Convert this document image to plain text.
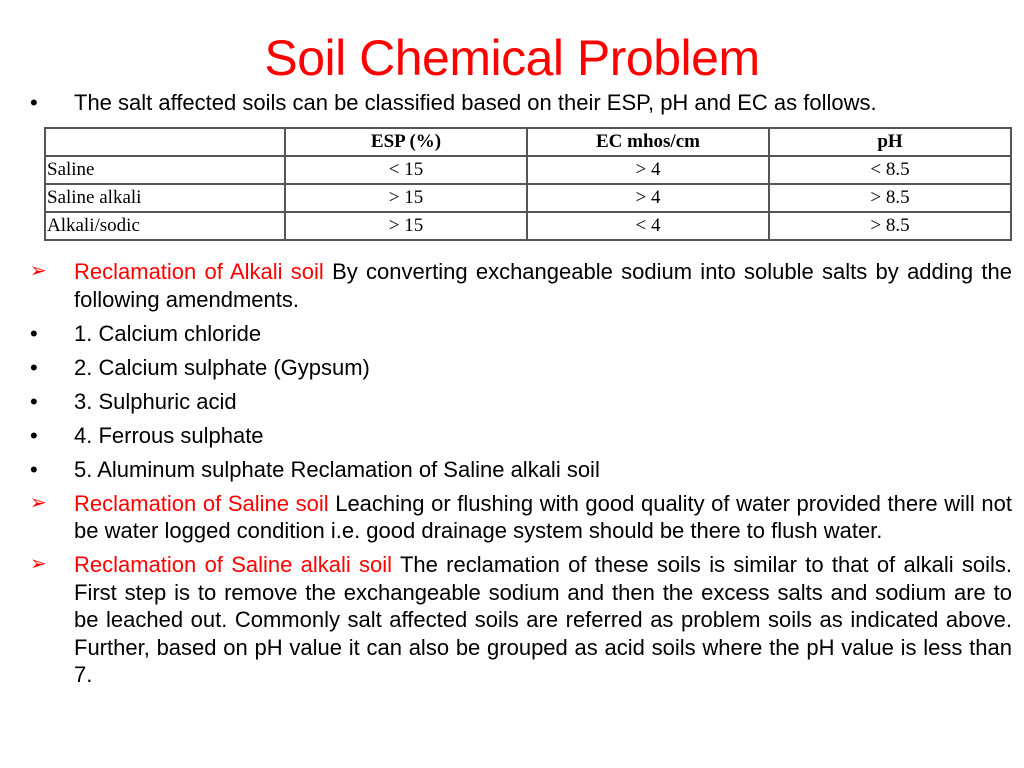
Soil Chemical Problem
• The salt affected soils can be classified based on their ESP, pH and EC as follows.
	ESP (%)	EC mhos/cm	pH
Saline	< 15	> 4	< 8.5
Saline alkali	> 15	> 4	> 8.5
Alkali/sodic	> 15	< 4	> 8.5
➢	Reclamation of Alkali soil By converting exchangeable sodium into soluble salts by adding the following amendments.
•	1. Calcium chloride
•	2. Calcium sulphate (Gypsum)
•	3. Sulphuric acid
•	4. Ferrous sulphate
•	5. Aluminum sulphate Reclamation of Saline alkali soil
➢	Reclamation of Saline soil Leaching or flushing with good quality of water provided there will not be water logged condition i.e. good drainage system should be there to flush water.
➢	Reclamation of Saline alkali soil The reclamation of these soils is similar to that of alkali soils. First step is to remove the exchangeable sodium and then the excess salts and sodium are to be leached out. Commonly salt affected soils are referred as problem soils as indicated above. Further, based on pH value it can also be grouped as acid soils where the pH value is less than 7.
